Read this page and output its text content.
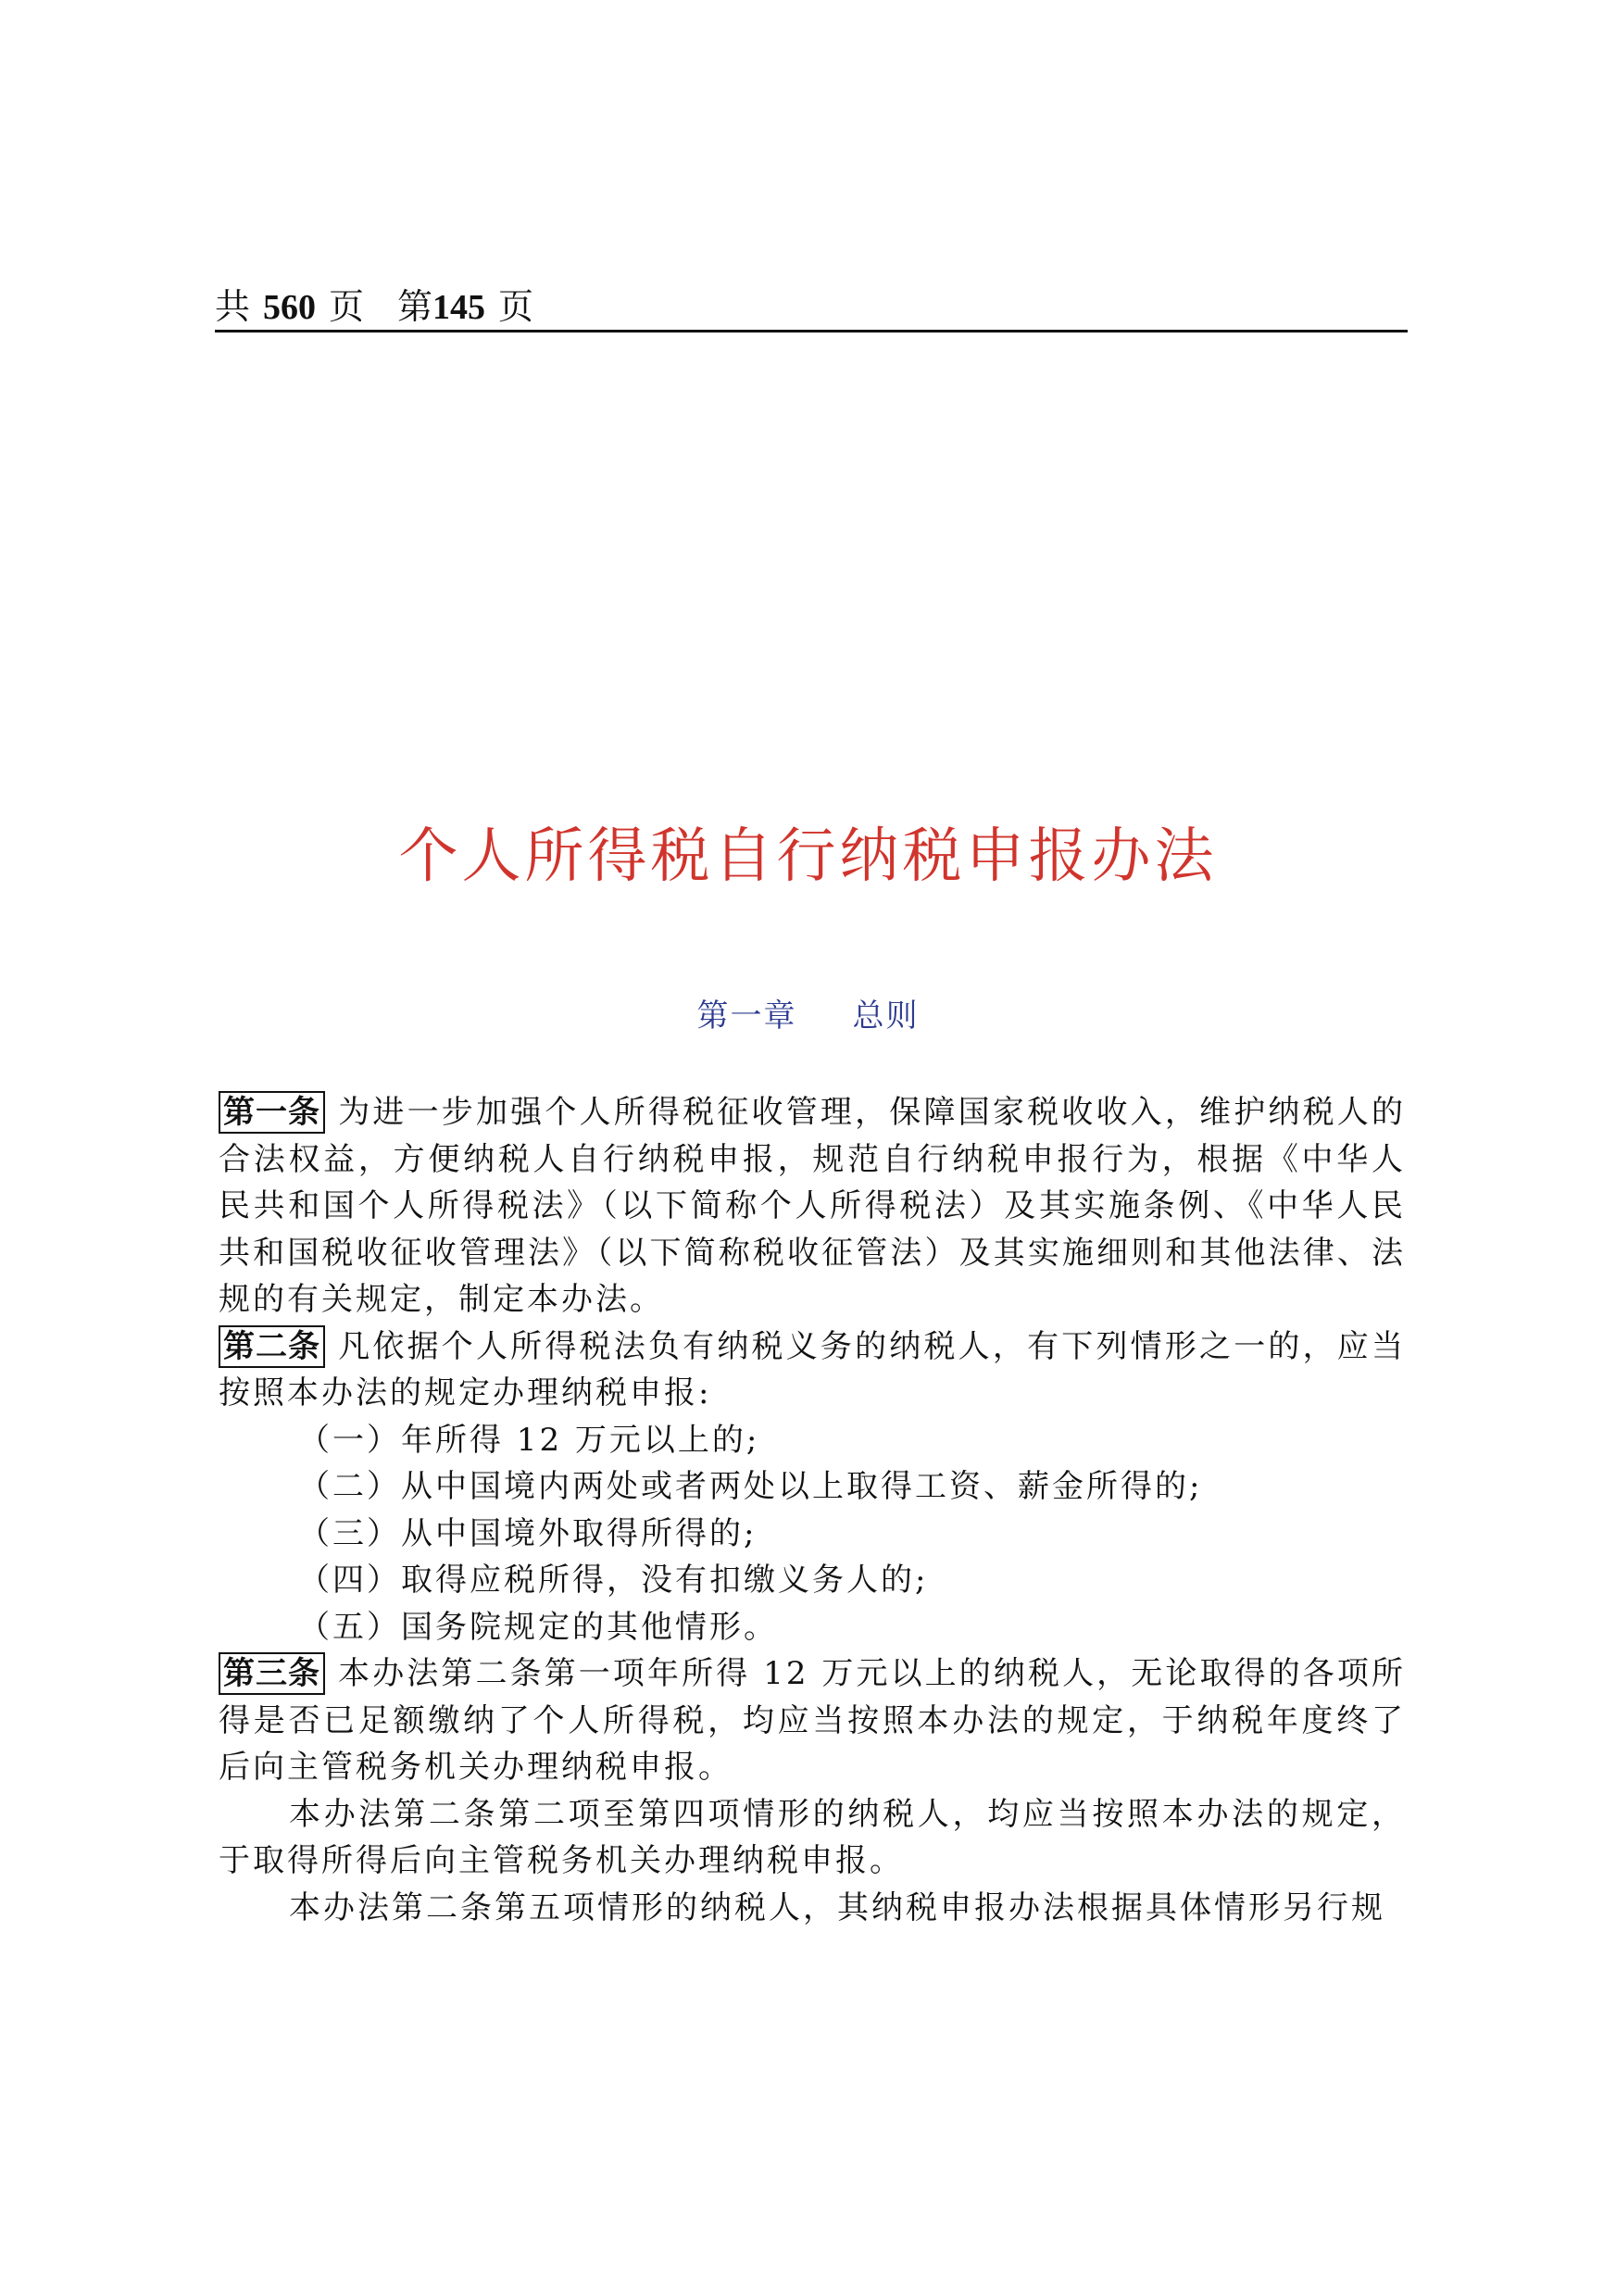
共 560 页 第145 页
个人所得税自行纳税申报办法
第一章 总则

第一条 为进一步加强个人所得税征收管理，保障国家税收收入，维护纳税人的合法权益，方便纳税人自行纳税申报，规范自行纳税申报行为，根据《中华人民共和国个人所得税法》（以下简称个人所得税法）及其实施条例、《中华人民共和国税收征收管理法》（以下简称税收征管法）及其实施细则和其他法律、法规的有关规定，制定本办法。

第二条 凡依据个人所得税法负有纳税义务的纳税人，有下列情形之一的，应当按照本办法的规定办理纳税申报:

（一）年所得 12 万元以上的;

（二）从中国境内两处或者两处以上取得工资、薪金所得的;

（三）从中国境外取得所得的;

（四）取得应税所得，没有扣缴义务人的;

（五）国务院规定的其他情形。

第三条 本办法第二条第一项年所得 12 万元以上的纳税人，无论取得的各项所得是否已足额缴纳了个人所得税，均应当按照本办法的规定，于纳税年度终了后向主管税务机关办理纳税申报。

本办法第二条第二项至第四项情形的纳税人，均应当按照本办法的规定，于取得所得后向主管税务机关办理纳税申报。

本办法第二条第五项情形的纳税人，其纳税申报办法根据具体情形另行规
